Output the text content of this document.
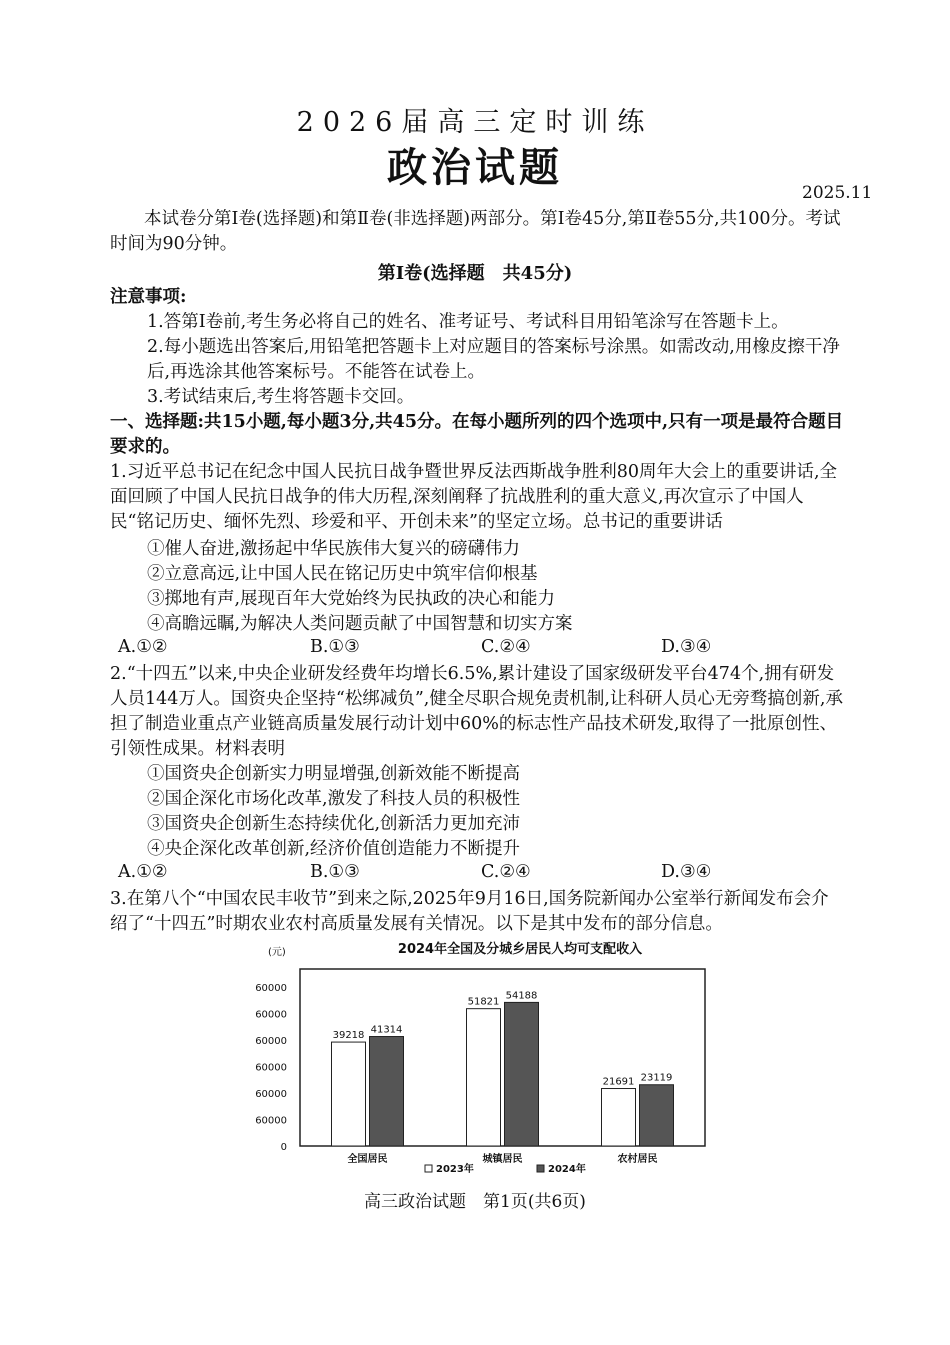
2026届高三定时训练
政治试题
2025.11
本试卷分第Ⅰ卷(选择题)和第Ⅱ卷(非选择题)两部分。第Ⅰ卷45分,第Ⅱ卷55分,共100分。考试时间为90分钟。
第Ⅰ卷(选择题　共45分)
注意事项:
1.答第Ⅰ卷前,考生务必将自己的姓名、准考证号、考试科目用铅笔涂写在答题卡上。
2.每小题选出答案后,用铅笔把答题卡上对应题目的答案标号涂黑。如需改动,用橡皮擦干净后,再选涂其他答案标号。不能答在试卷上。
3.考试结束后,考生将答题卡交回。
一、选择题:共15小题,每小题3分,共45分。在每小题所列的四个选项中,只有一项是最符合题目要求的。
1.习近平总书记在纪念中国人民抗日战争暨世界反法西斯战争胜利80周年大会上的重要讲话,全面回顾了中国人民抗日战争的伟大历程,深刻阐释了抗战胜利的重大意义,再次宣示了中国人民“铭记历史、缅怀先烈、珍爱和平、开创未来”的坚定立场。总书记的重要讲话
①催人奋进,激扬起中华民族伟大复兴的磅礴伟力
②立意高远,让中国人民在铭记历史中筑牢信仰根基
③掷地有声,展现百年大党始终为民执政的决心和能力
④高瞻远瞩,为解决人类问题贡献了中国智慧和切实方案
A.①②	B.①③	C.②④	D.③④
2.“十四五”以来,中央企业研发经费年均增长6.5%,累计建设了国家级研发平台474个,拥有研发人员144万人。国资央企坚持“松绑减负”,健全尽职合规免责机制,让科研人员心无旁骛搞创新,承担了制造业重点产业链高质量发展行动计划中60%的标志性产品技术研发,取得了一批原创性、引领性成果。材料表明
①国资央企创新实力明显增强,创新效能不断提高
②国企深化市场化改革,激发了科技人员的积极性
③国资央企创新生态持续优化,创新活力更加充沛
④央企深化改革创新,经济价值创造能力不断提升
A.①②	B.①③	C.②④	D.③④
3.在第八个“中国农民丰收节”到来之际,2025年9月16日,国务院新闻办公室举行新闻发布会介绍了“十四五”时期农业农村高质量发展有关情况。以下是其中发布的部分信息。
(元)	2024年全国及分城乡居民人均可支配收入
0
60000
60000
60000
60000
60000
60000
39218
41314
51821
54188
21691 23119
全国居民	城镇居民	农村居民
2023年	2024年
高三政治试题　第1页(共6页)
